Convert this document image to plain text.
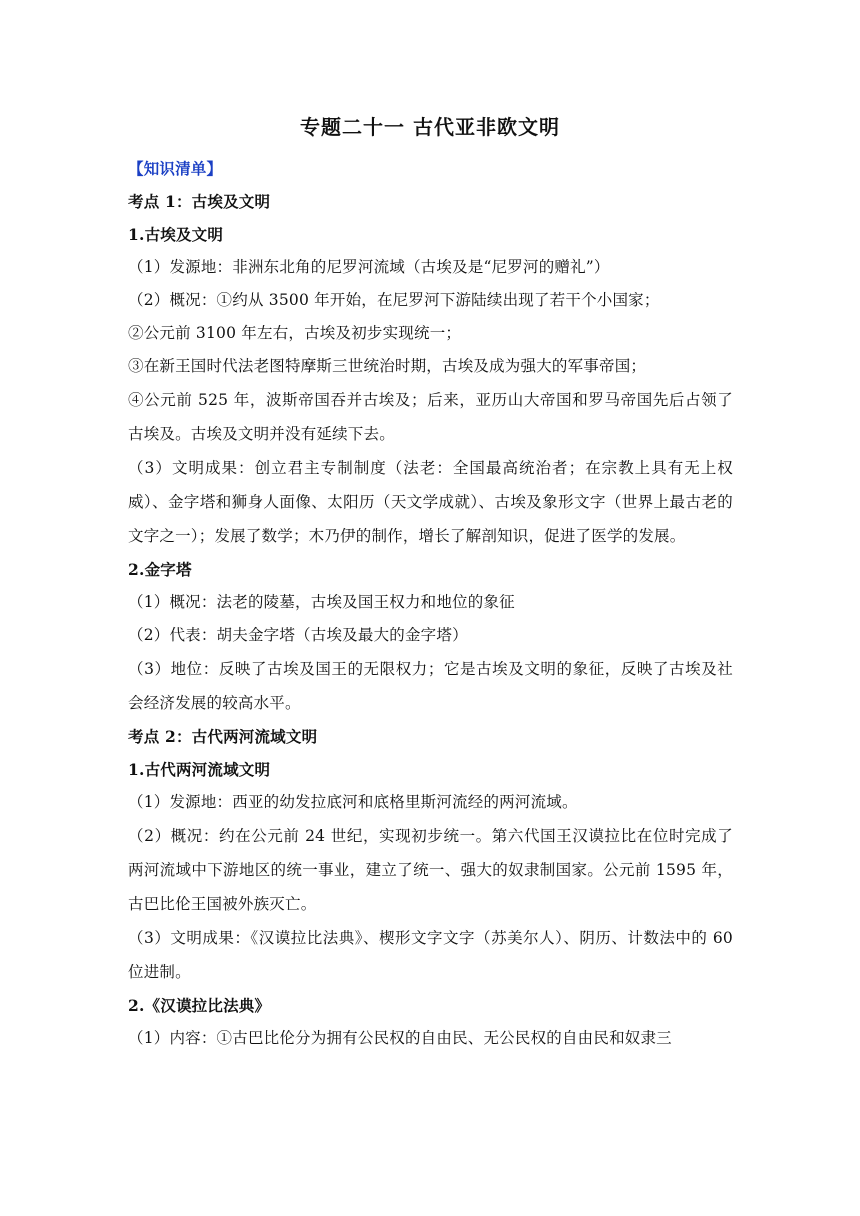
专题二十一 古代亚非欧文明
【知识清单】
考点 1：古埃及文明
1.古埃及文明
（1）发源地：非洲东北角的尼罗河流域（古埃及是“尼罗河的赠礼”）
（2）概况：①约从 3500 年开始，在尼罗河下游陆续出现了若干个小国家；
②公元前 3100 年左右，古埃及初步实现统一；
③在新王国时代法老图特摩斯三世统治时期，古埃及成为强大的军事帝国；
④公元前 525 年，波斯帝国吞并古埃及；后来，亚历山大帝国和罗马帝国先后占领了古埃及。古埃及文明并没有延续下去。
（3）文明成果：创立君主专制制度（法老：全国最高统治者；在宗教上具有无上权威）、金字塔和狮身人面像、太阳历（天文学成就）、古埃及象形文字（世界上最古老的文字之一）；发展了数学；木乃伊的制作，增长了解剖知识，促进了医学的发展。
2.金字塔
（1）概况：法老的陵墓，古埃及国王权力和地位的象征
（2）代表：胡夫金字塔（古埃及最大的金字塔）
（3）地位：反映了古埃及国王的无限权力；它是古埃及文明的象征，反映了古埃及社会经济发展的较高水平。
考点 2：古代两河流域文明
1.古代两河流域文明
（1）发源地：西亚的幼发拉底河和底格里斯河流经的两河流域。
（2）概况：约在公元前 24 世纪，实现初步统一。第六代国王汉谟拉比在位时完成了两河流域中下游地区的统一事业，建立了统一、强大的奴隶制国家。公元前 1595 年，古巴比伦王国被外族灭亡。
（3）文明成果：《汉谟拉比法典》、楔形文字文字（苏美尔人）、阴历、计数法中的 60 位进制。
2.《汉谟拉比法典》
（1）内容：①古巴比伦分为拥有公民权的自由民、无公民权的自由民和奴隶三
